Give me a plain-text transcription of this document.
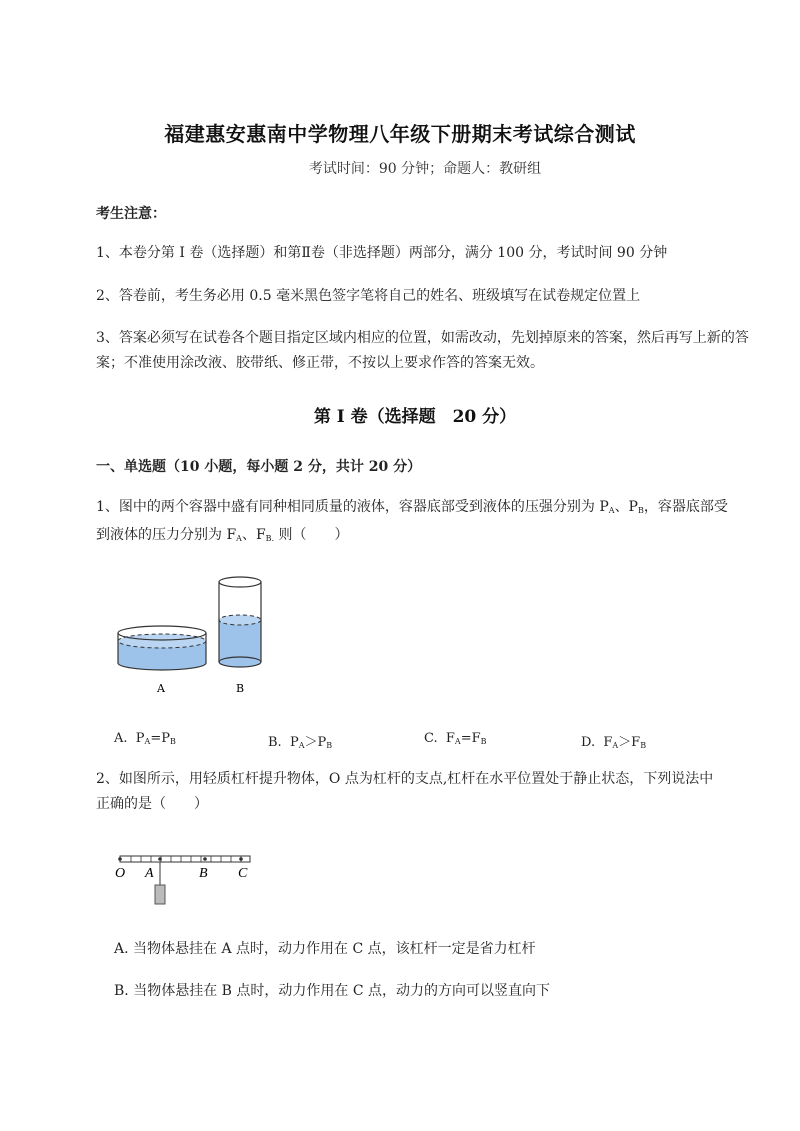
福建惠安惠南中学物理八年级下册期末考试综合测试
考试时间：90 分钟；命题人：教研组
考生注意：
1、本卷分第 I 卷（选择题）和第Ⅱ卷（非选择题）两部分，满分 100 分，考试时间 90 分钟
2、答卷前，考生务必用 0.5 毫米黑色签字笔将自己的姓名、班级填写在试卷规定位置上
3、答案必须写在试卷各个题目指定区域内相应的位置，如需改动，先划掉原来的答案，然后再写上新的答案；不准使用涂改液、胶带纸、修正带，不按以上要求作答的答案无效。
第 I 卷（选择题　20 分）
一、单选题（10 小题，每小题 2 分，共计 20 分）
1、图中的两个容器中盛有同种相同质量的液体，容器底部受到液体的压强分别为 $P_A$、$P_B$，容器底部受
到液体的压力分别为 $F_A$、$F_{B.}$ 则（　　）
A	B
A. $P_A=P_B$	B. $P_A>P_B$	C. $F_A=F_B$	D. $F_A>F_B$
2、如图所示，用轻质杠杆提升物体，O 点为杠杆的支点,杠杆在水平位置处于静止状态，下列说法中
正确的是（　　）
O A	B C
A. 当物体悬挂在 A 点时，动力作用在 C 点，该杠杆一定是省力杠杆
B. 当物体悬挂在 B 点时，动力作用在 C 点，动力的方向可以竖直向下
